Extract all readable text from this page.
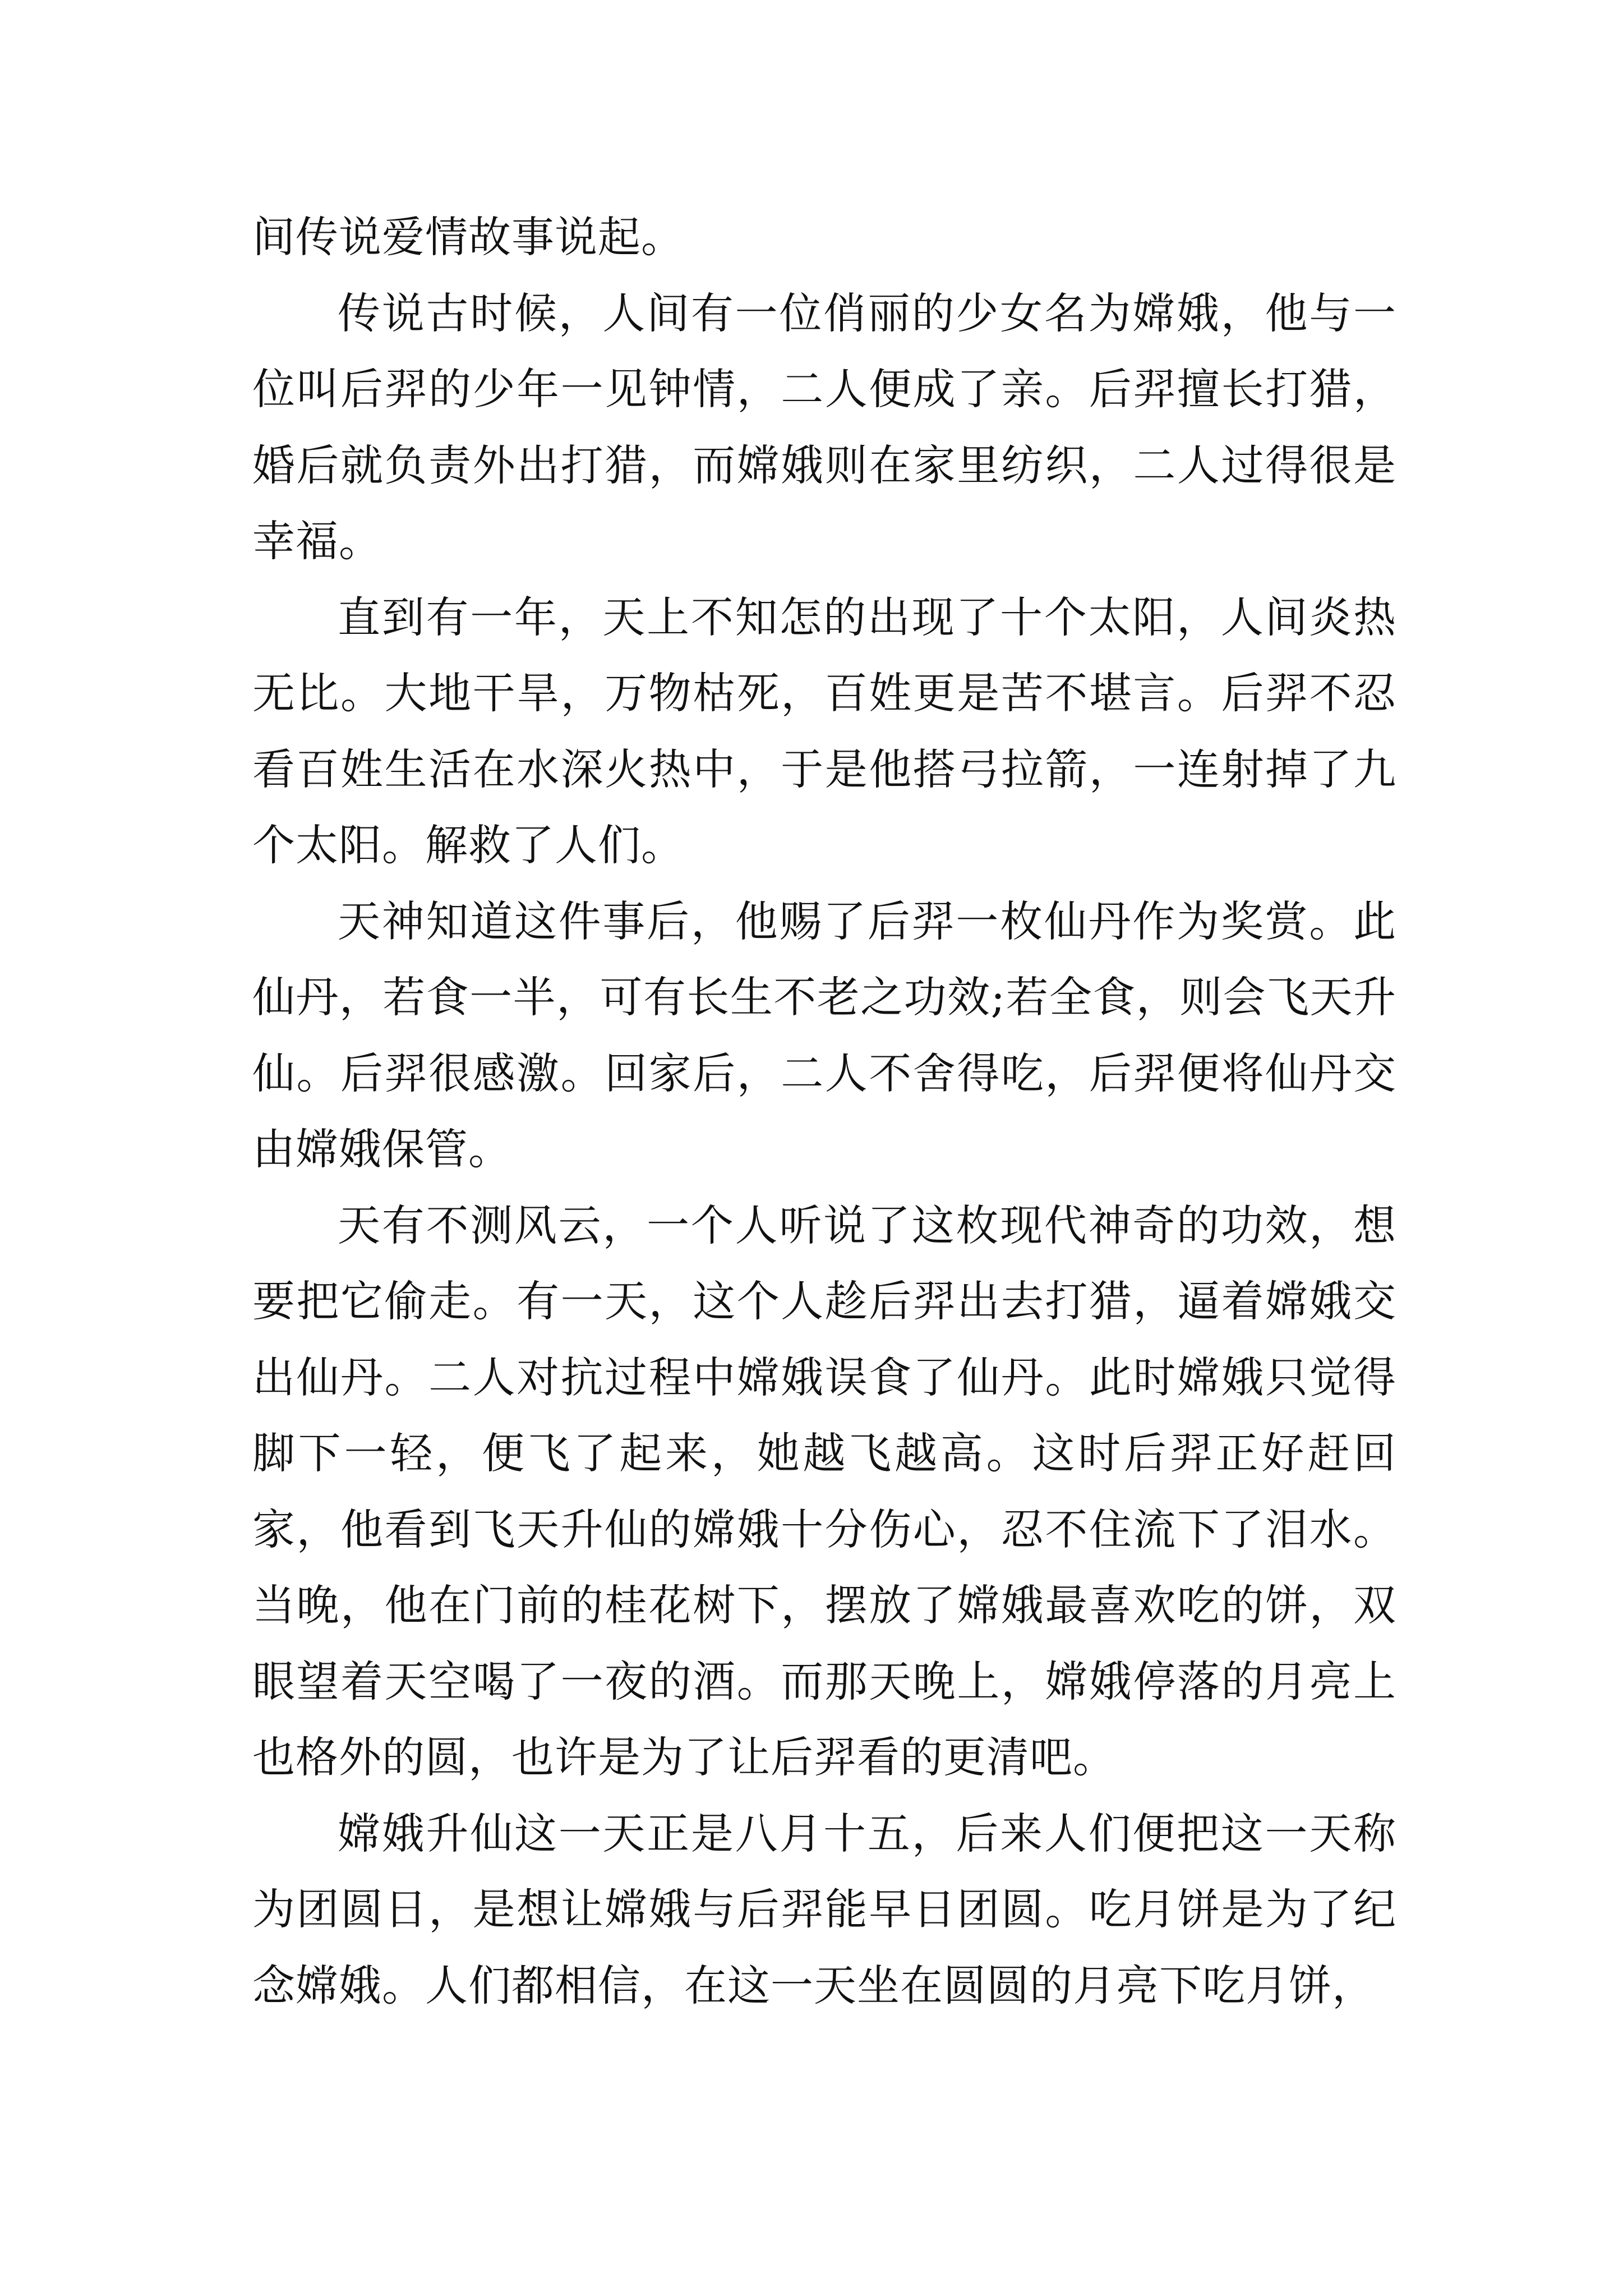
间传说爱情故事说起。

传说古时候，人间有一位俏丽的少女名为嫦娥，他与一位叫后羿的少年一见钟情，二人便成了亲。后羿擅长打猎，婚后就负责外出打猎，而嫦娥则在家里纺织，二人过得很是幸福。

直到有一年，天上不知怎的出现了十个太阳，人间炎热无比。大地干旱，万物枯死，百姓更是苦不堪言。后羿不忍看百姓生活在水深火热中，于是他搭弓拉箭，一连射掉了九个太阳。解救了人们。

天神知道这件事后，他赐了后羿一枚仙丹作为奖赏。此仙丹，若食一半，可有长生不老之功效;若全食，则会飞天升仙。后羿很感激。回家后，二人不舍得吃，后羿便将仙丹交由嫦娥保管。

天有不测风云，一个人听说了这枚现代神奇的功效，想要把它偷走。有一天，这个人趁后羿出去打猎，逼着嫦娥交出仙丹。二人对抗过程中嫦娥误食了仙丹。此时嫦娥只觉得脚下一轻，便飞了起来，她越飞越高。这时后羿正好赶回家，他看到飞天升仙的嫦娥十分伤心，忍不住流下了泪水。当晚，他在门前的桂花树下，摆放了嫦娥最喜欢吃的饼，双眼望着天空喝了一夜的酒。而那天晚上，嫦娥停落的月亮上也格外的圆，也许是为了让后羿看的更清吧。

嫦娥升仙这一天正是八月十五，后来人们便把这一天称为团圆日，是想让嫦娥与后羿能早日团圆。吃月饼是为了纪念嫦娥。人们都相信，在这一天坐在圆圆的月亮下吃月饼，
